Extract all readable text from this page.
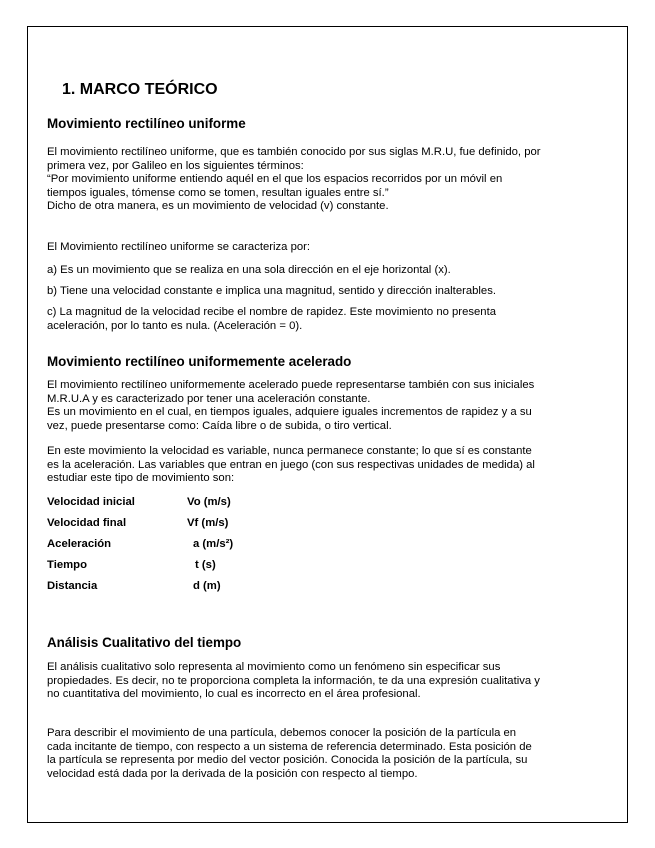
1. MARCO TEÓRICO
Movimiento rectilíneo uniforme

El movimiento rectilíneo uniforme, que es también conocido por sus siglas M.R.U, fue definido, por
primera vez, por Galileo en los siguientes términos:
“Por movimiento uniforme entiendo aquél en el que los espacios recorridos por un móvil en
tiempos iguales, tómense como se tomen, resultan iguales entre sí.”
Dicho de otra manera, es un movimiento de velocidad (v) constante.

El Movimiento rectilíneo uniforme se caracteriza por:

a) Es un movimiento que se realiza en una sola dirección en el eje horizontal (x).

b) Tiene una velocidad constante e implica una magnitud, sentido y dirección inalterables.

c) La magnitud de la velocidad recibe el nombre de rapidez. Este movimiento no presenta
aceleración, por lo tanto es nula. (Aceleración = 0).

Movimiento rectilíneo uniformemente acelerado

El movimiento rectilíneo uniformemente acelerado puede representarse también con sus iniciales
M.R.U.A y es caracterizado por tener una aceleración constante.
Es un movimiento en el cual, en tiempos iguales, adquiere iguales incrementos de rapidez y a su
vez, puede presentarse como: Caída libre o de subida, o tiro vertical.

En este movimiento la velocidad es variable, nunca permanece constante; lo que sí es constante
es la aceleración. Las variables que entran en juego (con sus respectivas unidades de medida) al
estudiar este tipo de movimiento son:

Velocidad inicial	Vo (m/s)
Velocidad final	Vf (m/s)
Aceleración	a (m/s²)
Tiempo	t (s)
Distancia	d (m)
Análisis Cualitativo del tiempo

El análisis cualitativo solo representa al movimiento como un fenómeno sin especificar sus
propiedades. Es decir, no te proporciona completa la información, te da una expresión cualitativa y
no cuantitativa del movimiento, lo cual es incorrecto en el área profesional.

Para describir el movimiento de una partícula, debemos conocer la posición de la partícula en
cada incitante de tiempo, con respecto a un sistema de referencia determinado. Esta posición de
la partícula se representa por medio del vector posición. Conocida la posición de la partícula, su
velocidad está dada por la derivada de la posición con respecto al tiempo.
